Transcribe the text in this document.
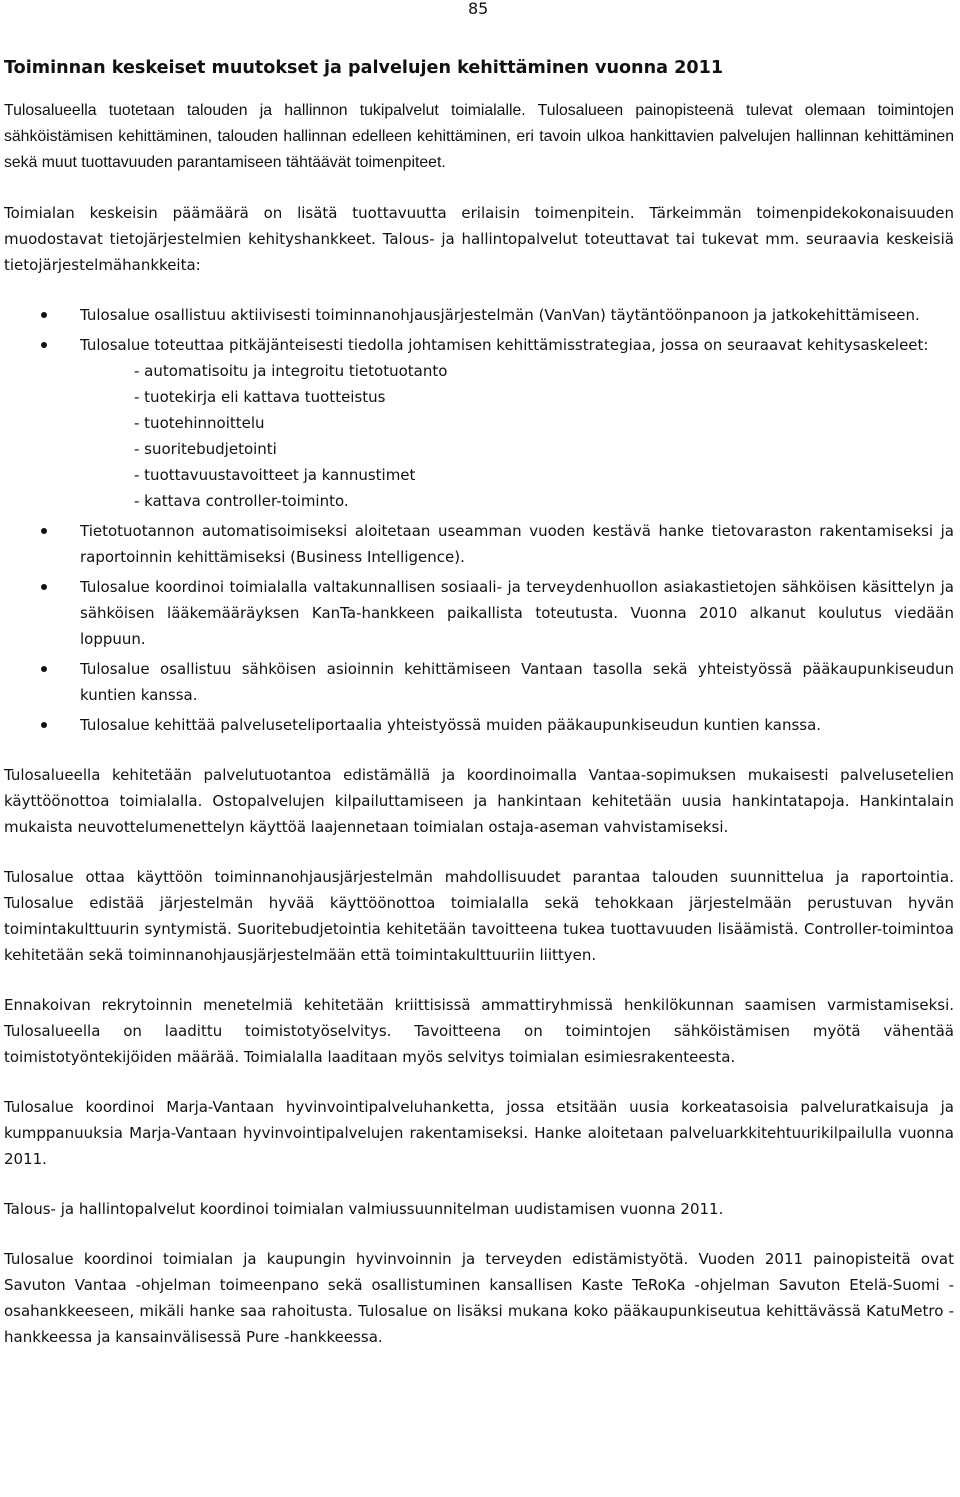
85
Toiminnan keskeiset muutokset ja palvelujen kehittäminen vuonna 2011

Tulosalueella tuotetaan talouden ja hallinnon tukipalvelut toimialalle. Tulosalueen painopisteenä tulevat olemaan toimintojen sähköistämisen kehittäminen, talouden hallinnan edelleen kehittäminen, eri tavoin ulkoa hankittavien palvelujen hallinnan kehittäminen sekä muut tuottavuuden parantamiseen tähtäävät toimenpiteet.

Toimialan keskeisin päämäärä on lisätä tuottavuutta erilaisin toimenpitein. Tärkeimmän toimenpidekokonaisuuden muodostavat tietojärjestelmien kehityshankkeet. Talous- ja hallintopalvelut toteuttavat tai tukevat mm. seuraavia keskeisiä tietojärjestelmähankkeita:

Tulosalue osallistuu aktiivisesti toiminnanohjausjärjestelmän (VanVan) täytäntöönpanoon ja jatkokehittämiseen.
Tulosalue toteuttaa pitkäjänteisesti tiedolla johtamisen kehittämisstrategiaa, jossa on seuraavat kehitysaskeleet:
- automatisoitu ja integroitu tietotuotanto
- tuotekirja eli kattava tuotteistus
- tuotehinnoittelu
- suoritebudjetointi
- tuottavuustavoitteet ja kannustimet
- kattava controller-toiminto.
Tietotuotannon automatisoimiseksi aloitetaan useamman vuoden kestävä hanke tietovaraston rakentamiseksi ja raportoinnin kehittämiseksi (Business Intelligence).
Tulosalue koordinoi toimialalla valtakunnallisen sosiaali- ja terveydenhuollon asiakastietojen sähköisen käsittelyn ja sähköisen lääkemääräyksen KanTa-hankkeen paikallista toteutusta. Vuonna 2010 alkanut koulutus viedään loppuun.
Tulosalue osallistuu sähköisen asioinnin kehittämiseen Vantaan tasolla sekä yhteistyössä pääkaupunkiseudun kuntien kanssa.
Tulosalue kehittää palveluseteliportaalia yhteistyössä muiden pääkaupunkiseudun kuntien kanssa.

Tulosalueella kehitetään palvelutuotantoa edistämällä ja koordinoimalla Vantaa-sopimuksen mukaisesti palvelusetelien käyttöönottoa toimialalla. Ostopalvelujen kilpailuttamiseen ja hankintaan kehitetään uusia hankintatapoja. Hankintalain mukaista neuvottelumenettelyn käyttöä laajennetaan toimialan ostaja-aseman vahvistamiseksi.

Tulosalue ottaa käyttöön toiminnanohjausjärjestelmän mahdollisuudet parantaa talouden suunnittelua ja raportointia. Tulosalue edistää järjestelmän hyvää käyttöönottoa toimialalla sekä tehokkaan järjestelmään perustuvan hyvän toimintakulttuurin syntymistä. Suoritebudjetointia kehitetään tavoitteena tukea tuottavuuden lisäämistä. Controller-toimintoa kehitetään sekä toiminnanohjausjärjestelmään että toimintakulttuuriin liittyen.

Ennakoivan rekrytoinnin menetelmiä kehitetään kriittisissä ammattiryhmissä henkilökunnan saamisen varmistamiseksi. Tulosalueella on laadittu toimistotyöselvitys. Tavoitteena on toimintojen sähköistämisen myötä vähentää toimistotyöntekijöiden määrää. Toimialalla laaditaan myös selvitys toimialan esimiesrakenteesta.

Tulosalue koordinoi Marja-Vantaan hyvinvointipalveluhanketta, jossa etsitään uusia korkeatasoisia palveluratkaisuja ja kumppanuuksia Marja-Vantaan hyvinvointipalvelujen rakentamiseksi. Hanke aloitetaan palveluarkkitehtuurikilpailulla vuonna 2011.

Talous- ja hallintopalvelut koordinoi toimialan valmiussuunnitelman uudistamisen vuonna 2011.

Tulosalue koordinoi toimialan ja kaupungin hyvinvoinnin ja terveyden edistämistyötä. Vuoden 2011 painopisteitä ovat Savuton Vantaa -ohjelman toimeenpano sekä osallistuminen kansallisen Kaste TeRoKa -ohjelman Savuton Etelä-Suomi -osahankkeeseen, mikäli hanke saa rahoitusta. Tulosalue on lisäksi mukana koko pääkaupunkiseutua kehittävässä KatuMetro -hankkeessa ja kansainvälisessä Pure -hankkeessa.
